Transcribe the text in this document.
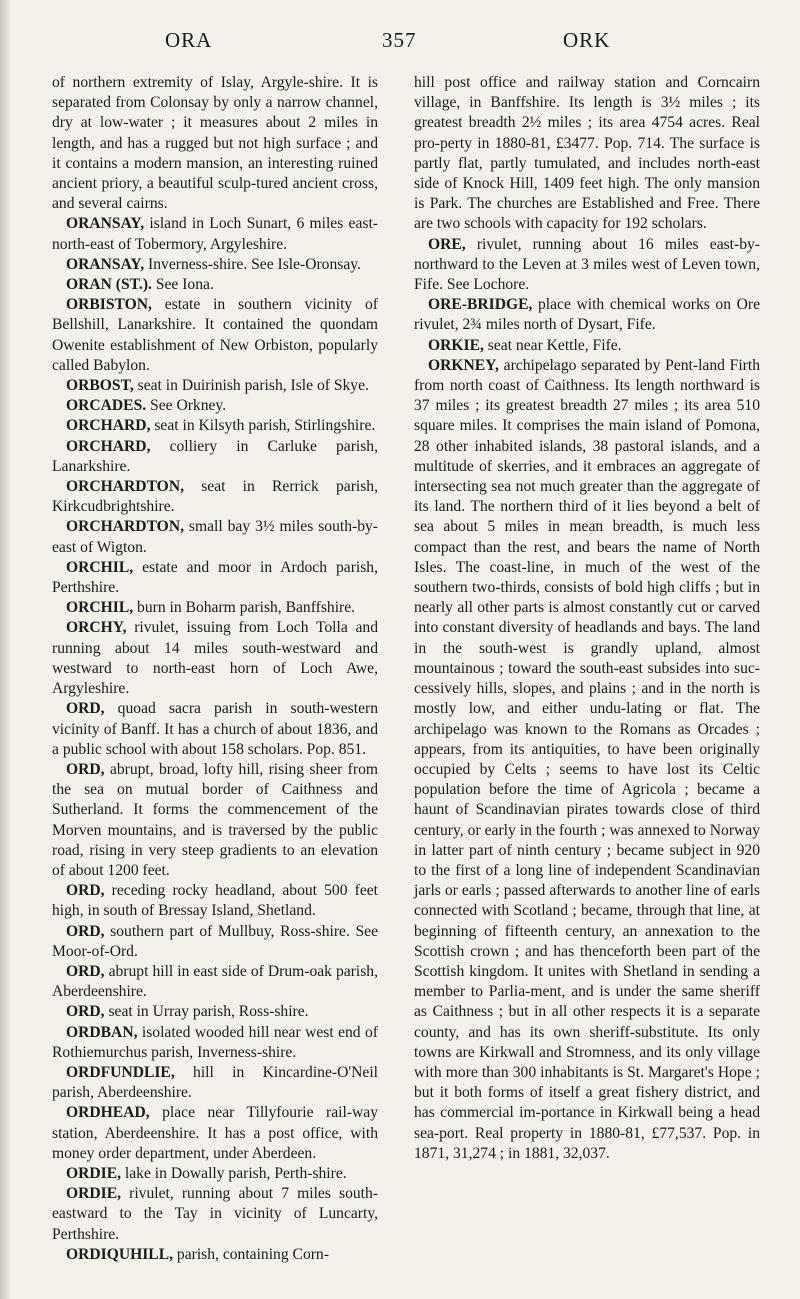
ORA	357	ORK

of northern extremity of Islay, Argyle-shire. It is separated from Colonsay by only a narrow channel, dry at low-water ; it measures about 2 miles in length, and has a rugged but not high surface ; and it contains a modern mansion, an interesting ruined ancient priory, a beautiful sculp-tured ancient cross, and several cairns.

ORANSAY, island in Loch Sunart, 6 miles east-north-east of Tobermory, Argyleshire.

ORANSAY, Inverness-shire. See Isle-Oronsay.

ORAN (ST.). See Iona.

ORBISTON, estate in southern vicinity of Bellshill, Lanarkshire. It contained the quondam Owenite establishment of New Orbiston, popularly called Babylon.

ORBOST, seat in Duirinish parish, Isle of Skye.

ORCADES. See Orkney.

ORCHARD, seat in Kilsyth parish, Stirlingshire.

ORCHARD, colliery in Carluke parish, Lanarkshire.

ORCHARDTON, seat in Rerrick parish, Kirkcudbrightshire.

ORCHARDTON, small bay 3½ miles south-by-east of Wigton.

ORCHIL, estate and moor in Ardoch parish, Perthshire.

ORCHIL, burn in Boharm parish, Banffshire.

ORCHY, rivulet, issuing from Loch Tolla and running about 14 miles south-westward and westward to north-east horn of Loch Awe, Argyleshire.

ORD, quoad sacra parish in south-western vicinity of Banff. It has a church of about 1836, and a public school with about 158 scholars. Pop. 851.

ORD, abrupt, broad, lofty hill, rising sheer from the sea on mutual border of Caithness and Sutherland. It forms the commencement of the Morven mountains, and is traversed by the public road, rising in very steep gradients to an elevation of about 1200 feet.

ORD, receding rocky headland, about 500 feet high, in south of Bressay Island, Shetland.

ORD, southern part of Mullbuy, Ross-shire. See Moor-of-Ord.

ORD, abrupt hill in east side of Drum-oak parish, Aberdeenshire.

ORD, seat in Urray parish, Ross-shire.

ORDBAN, isolated wooded hill near west end of Rothiemurchus parish, Inverness-shire.

ORDFUNDLIE, hill in Kincardine-O'Neil parish, Aberdeenshire.

ORDHEAD, place near Tillyfourie rail-way station, Aberdeenshire. It has a post office, with money order department, under Aberdeen.

ORDIE, lake in Dowally parish, Perth-shire.

ORDIE, rivulet, running about 7 miles south-eastward to the Tay in vicinity of Luncarty, Perthshire.

ORDIQUHILL, parish, containing Corn-

hill post office and railway station and Corncairn village, in Banffshire. Its length is 3½ miles ; its greatest breadth 2½ miles ; its area 4754 acres. Real pro-perty in 1880-81, £3477. Pop. 714. The surface is partly flat, partly tumulated, and includes north-east side of Knock Hill, 1409 feet high. The only mansion is Park. The churches are Established and Free. There are two schools with capacity for 192 scholars.

ORE, rivulet, running about 16 miles east-by-northward to the Leven at 3 miles west of Leven town, Fife. See Lochore.

ORE-BRIDGE, place with chemical works on Ore rivulet, 2¾ miles north of Dysart, Fife.

ORKIE, seat near Kettle, Fife.

ORKNEY, archipelago separated by Pent-land Firth from north coast of Caithness. Its length northward is 37 miles ; its greatest breadth 27 miles ; its area 510 square miles. It comprises the main island of Pomona, 28 other inhabited islands, 38 pastoral islands, and a multitude of skerries, and it embraces an aggregate of intersecting sea not much greater than the aggregate of its land. The northern third of it lies beyond a belt of sea about 5 miles in mean breadth, is much less compact than the rest, and bears the name of North Isles. The coast-line, in much of the west of the southern two-thirds, consists of bold high cliffs ; but in nearly all other parts is almost constantly cut or carved into constant diversity of headlands and bays. The land in the south-west is grandly upland, almost mountainous ; toward the south-east subsides into suc-cessively hills, slopes, and plains ; and in the north is mostly low, and either undu-lating or flat. The archipelago was known to the Romans as Orcades ; appears, from its antiquities, to have been originally occupied by Celts ; seems to have lost its Celtic population before the time of Agricola ; became a haunt of Scandinavian pirates towards close of third century, or early in the fourth ; was annexed to Norway in latter part of ninth century ; became subject in 920 to the first of a long line of independent Scandinavian jarls or earls ; passed afterwards to another line of earls connected with Scotland ; became, through that line, at beginning of fifteenth century, an annexation to the Scottish crown ; and has thenceforth been part of the Scottish kingdom. It unites with Shetland in sending a member to Parlia-ment, and is under the same sheriff as Caithness ; but in all other respects it is a separate county, and has its own sheriff-substitute. Its only towns are Kirkwall and Stromness, and its only village with more than 300 inhabitants is St. Margaret's Hope ; but it both forms of itself a great fishery district, and has commercial im-portance in Kirkwall being a head sea-port. Real property in 1880-81, £77,537. Pop. in 1871, 31,274 ; in 1881, 32,037.
